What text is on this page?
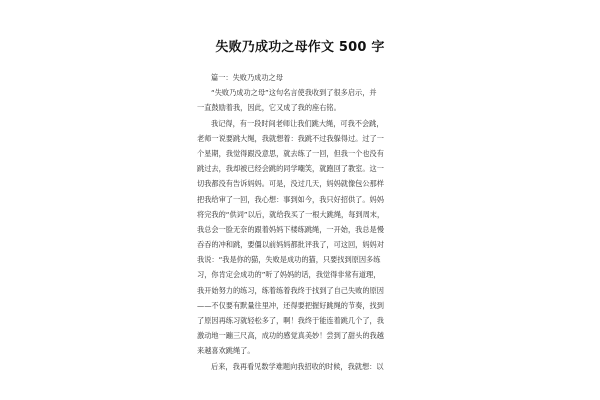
失败乃成功之母作文 500 字
篇一：失败乃成功之母
“失败乃成功之母”这句名言使我收到了很多启示，并
一直鼓励着我，因此，它又成了我的座右铭。
我记得，有一段时间老师让我们跳大绳，可我不会跳，
老师一说要跳大绳，我就想着：我跳不过我躲得过。过了一
个星期，我觉得跟没意思，就去练了一回，但我一个也没有
跳过去，我却被已经会跳的同学嘲笑，就跑回了教室。这一
切我都没有告诉妈妈。可是，没过几天，妈妈就像包公那样
把我给审了一回，我心想：事到如今，我只好招供了。妈妈
将完我的“供词”以后，就给我买了一根大跳绳，每到周末，
我总会一脸无奈的跟着妈妈下楼练跳绳，一开始，我总是慢
吞吞的冲和跳，要僵以前妈妈都批评我了，可这回，妈妈对
我说：“我是你的猫，失败是成功的猫，只要找到原因多练
习，你肯定会成功的”听了妈妈的话，我觉得非常有道理，
我开始努力的练习，练着练着我终于找到了自己失败的原因
——不仅要有默量往里冲，还得要把握好跳绳的节奏，找到
了原因再练习就轻松多了，啊！我终于能连着跳几个了，我
激动地一蹦三尺高，成功的感觉真美妙！尝到了甜头的我越
来越喜欢跳绳了。
后来，我再看见数学难题向我招收的时候，我就想：以
